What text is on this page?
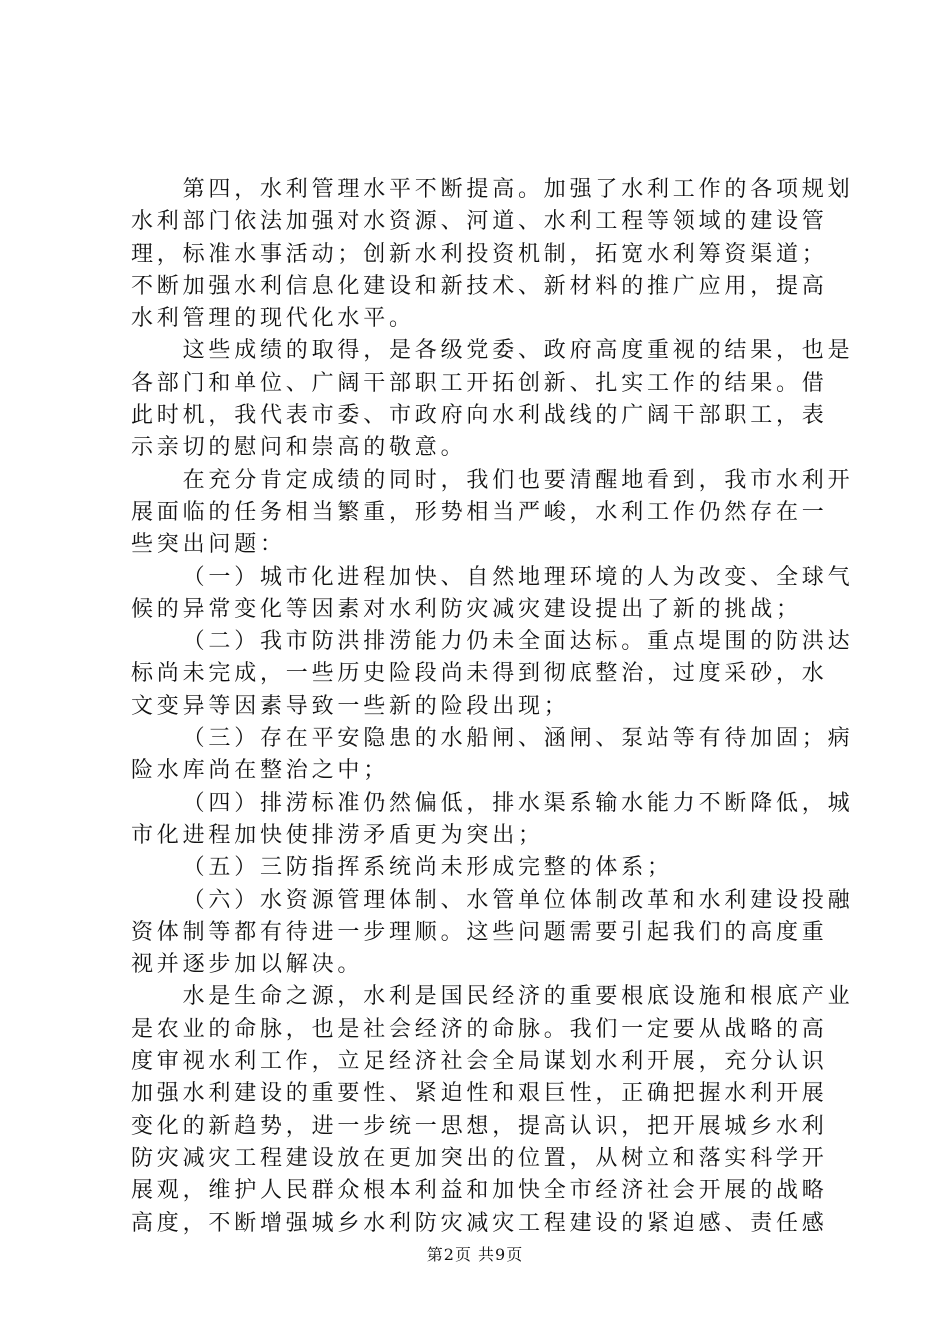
第四，水利管理水平不断提高。加强了水利工作的各项规划
水利部门依法加强对水资源、河道、水利工程等领域的建设管
理，标准水事活动；创新水利投资机制，拓宽水利筹资渠道；
不断加强水利信息化建设和新技术、新材料的推广应用，提高
水利管理的现代化水平。
这些成绩的取得，是各级党委、政府高度重视的结果，也是
各部门和单位、广阔干部职工开拓创新、扎实工作的结果。借
此时机，我代表市委、市政府向水利战线的广阔干部职工，表
示亲切的慰问和崇高的敬意。
在充分肯定成绩的同时，我们也要清醒地看到，我市水利开
展面临的任务相当繁重，形势相当严峻，水利工作仍然存在一
些突出问题：
（一）城市化进程加快、自然地理环境的人为改变、全球气
候的异常变化等因素对水利防灾减灾建设提出了新的挑战；
（二）我市防洪排涝能力仍未全面达标。重点堤围的防洪达
标尚未完成，一些历史险段尚未得到彻底整治，过度采砂，水
文变异等因素导致一些新的险段出现；
（三）存在平安隐患的水船闸、涵闸、泵站等有待加固；病
险水库尚在整治之中；
（四）排涝标准仍然偏低，排水渠系输水能力不断降低，城
市化进程加快使排涝矛盾更为突出；
（五）三防指挥系统尚未形成完整的体系；
（六）水资源管理体制、水管单位体制改革和水利建设投融
资体制等都有待进一步理顺。这些问题需要引起我们的高度重
视并逐步加以解决。
水是生命之源，水利是国民经济的重要根底设施和根底产业
是农业的命脉，也是社会经济的命脉。我们一定要从战略的高
度审视水利工作，立足经济社会全局谋划水利开展，充分认识
加强水利建设的重要性、紧迫性和艰巨性，正确把握水利开展
变化的新趋势，进一步统一思想，提高认识，把开展城乡水利
防灾减灾工程建设放在更加突出的位置，从树立和落实科学开
展观，维护人民群众根本利益和加快全市经济社会开展的战略
高度，不断增强城乡水利防灾减灾工程建设的紧迫感、责任感
第2页 共9页
